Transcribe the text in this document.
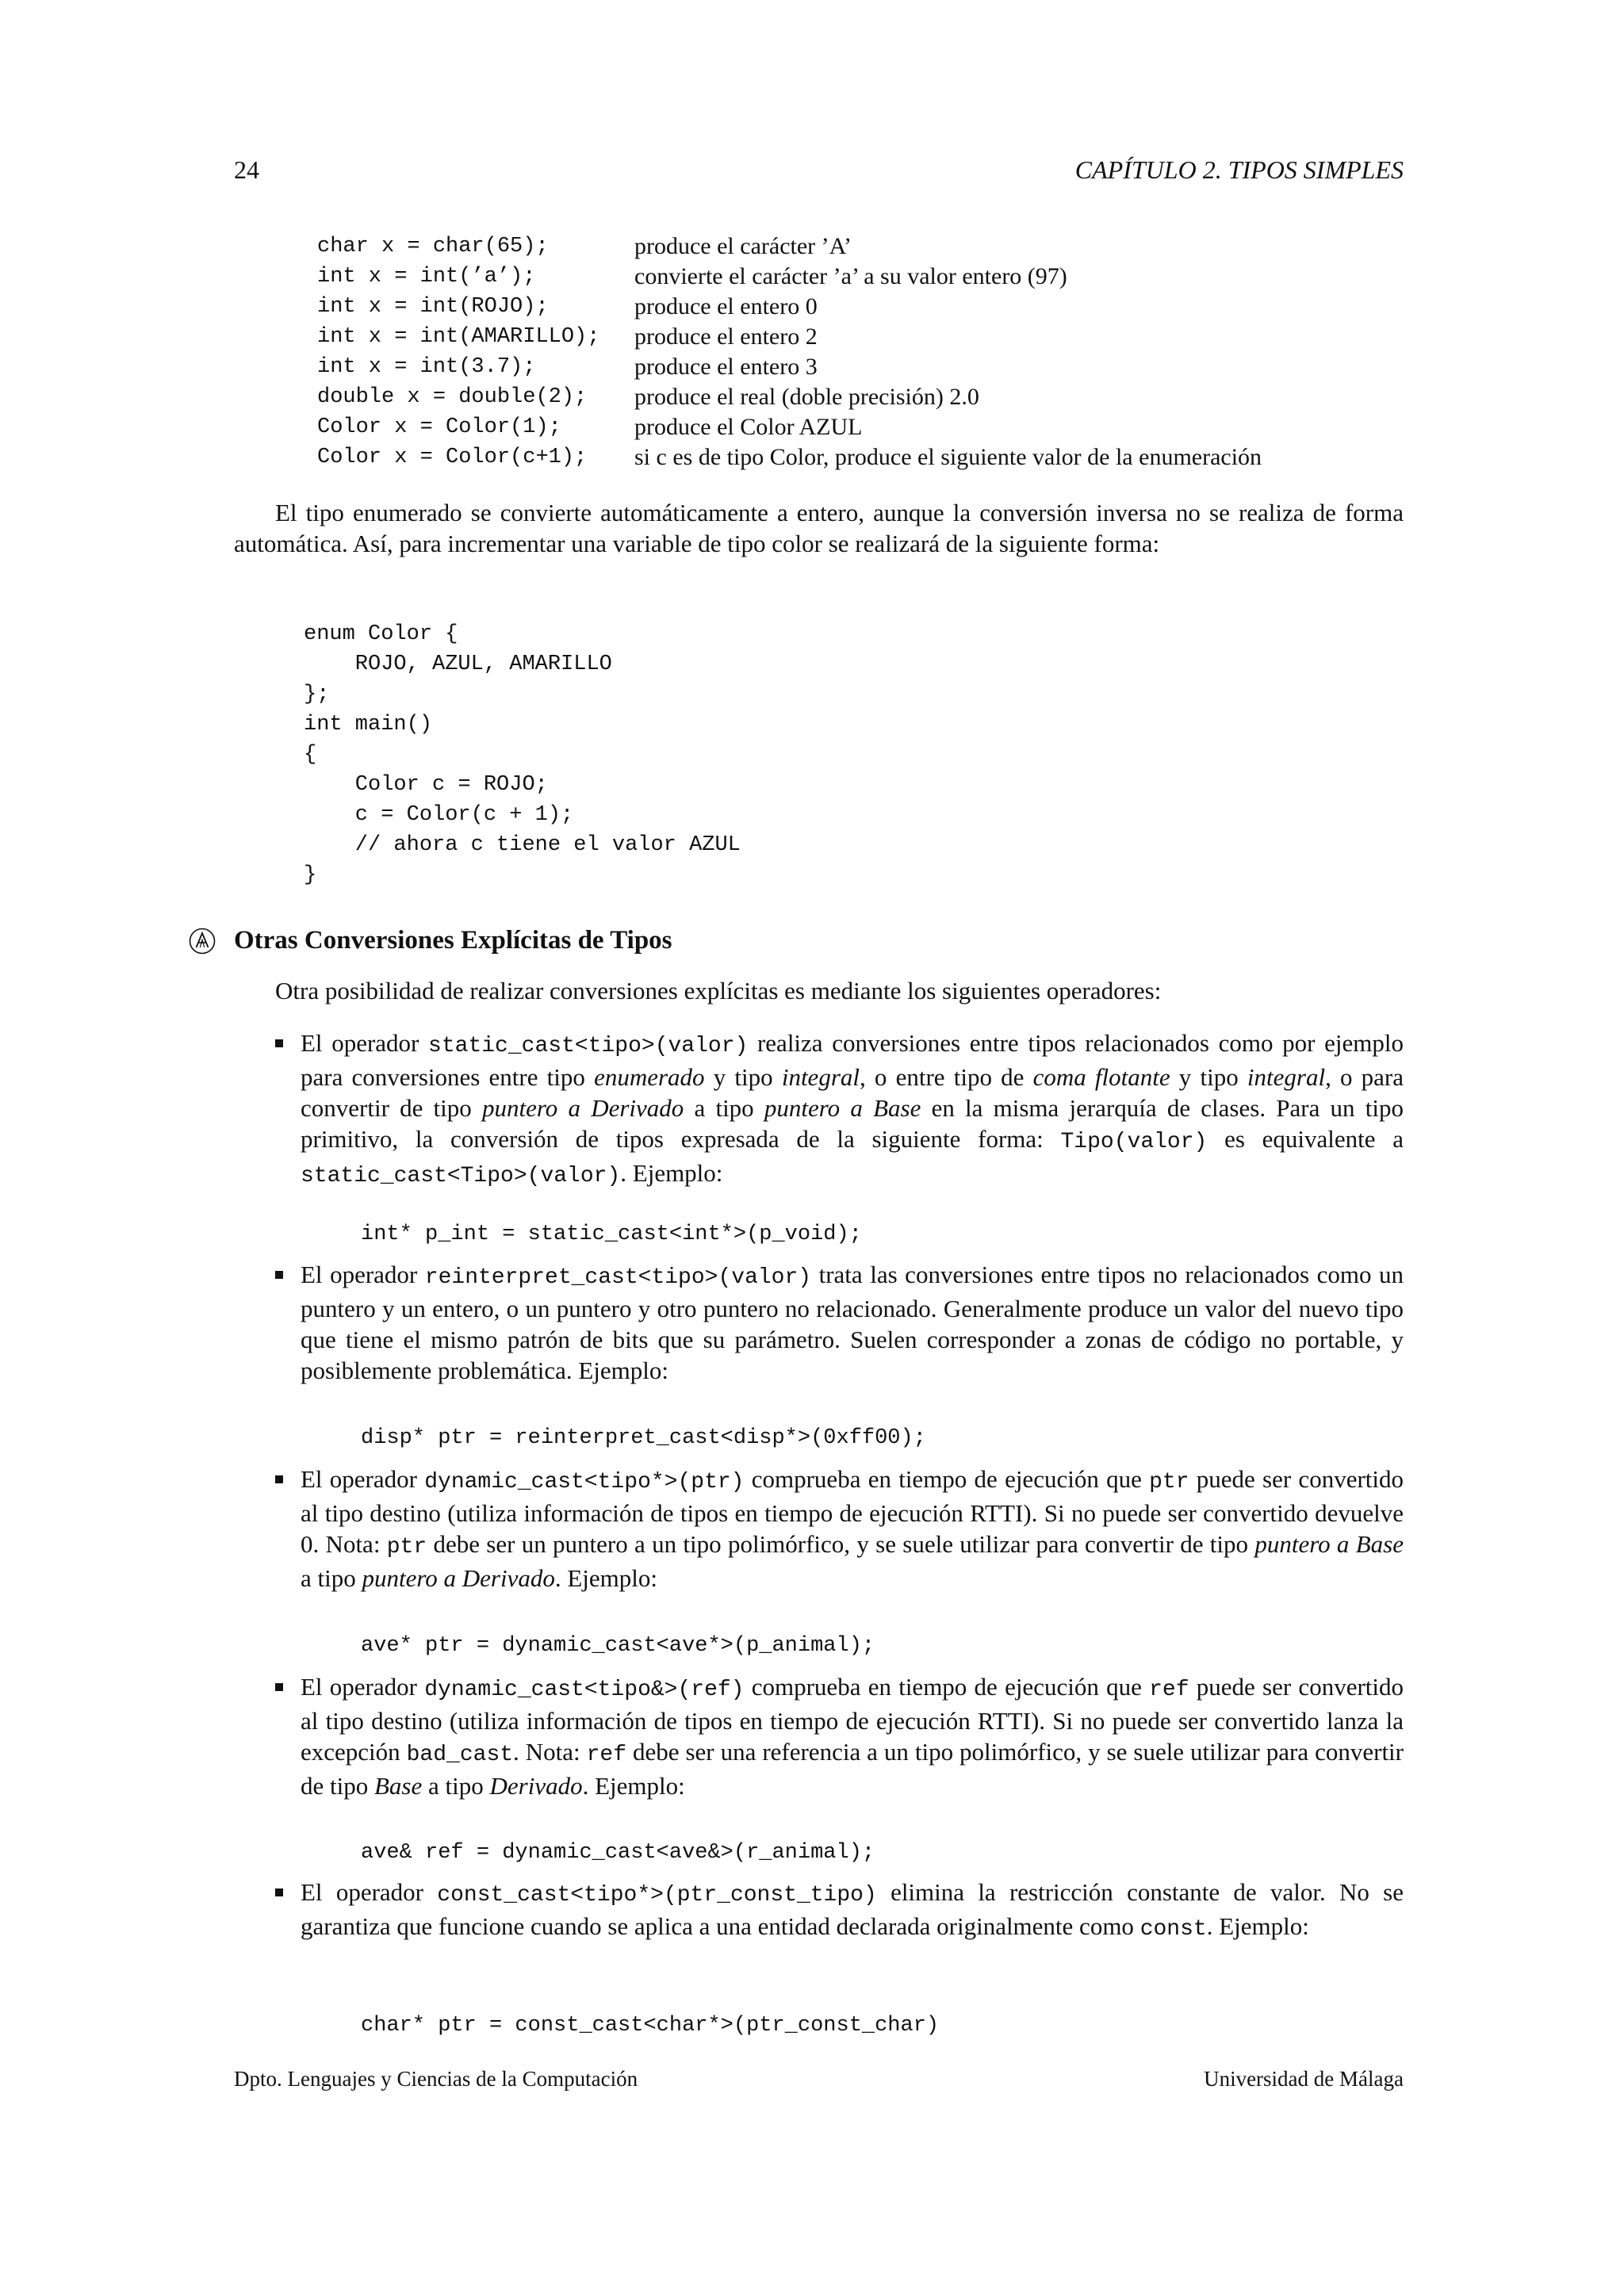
24	CAPÍTULO 2. TIPOS SIMPLES
char x = char(65);	produce el carácter ’A’
int x = int(’a’);	convierte el carácter ’a’ a su valor entero (97)
int x = int(ROJO);	produce el entero 0
int x = int(AMARILLO);	produce el entero 2
int x = int(3.7);	produce el entero 3
double x = double(2);	produce el real (doble precisión) 2.0
Color x = Color(1);	produce el Color AZUL
Color x = Color(c+1);	si c es de tipo Color, produce el siguiente valor de la enumeración
El tipo enumerado se convierte automáticamente a entero, aunque la conversión inversa no se realiza de forma automática. Así, para incrementar una variable de tipo color se realizará de la siguiente forma:
enum Color {
ROJO, AZUL, AMARILLO
};
int main()
{
Color c = ROJO;
c = Color(c + 1);
// ahora c tiene el valor AZUL
}
Otras Conversiones Explícitas de Tipos
Otra posibilidad de realizar conversiones explícitas es mediante los siguientes operadores:
El operador static_cast<tipo>(valor) realiza conversiones entre tipos relacionados como por ejemplo para conversiones entre tipo enumerado y tipo integral, o entre tipo de coma flotante y tipo integral, o para convertir de tipo puntero a Derivado a tipo puntero a Base en la misma jerarquía de clases. Para un tipo primitivo, la conversión de tipos expresada de la siguiente forma: Tipo(valor) es equivalente a static_cast<Tipo>(valor). Ejemplo:
int* p_int = static_cast<int*>(p_void);
El operador reinterpret_cast<tipo>(valor) trata las conversiones entre tipos no relacionados como un puntero y un entero, o un puntero y otro puntero no relacionado. Generalmente produce un valor del nuevo tipo que tiene el mismo patrón de bits que su parámetro. Suelen corresponder a zonas de código no portable, y posiblemente problemática. Ejemplo:
disp* ptr = reinterpret_cast<disp*>(0xff00);
El operador dynamic_cast<tipo*>(ptr) comprueba en tiempo de ejecución que ptr puede ser convertido al tipo destino (utiliza información de tipos en tiempo de ejecución RTTI). Si no puede ser convertido devuelve 0. Nota: ptr debe ser un puntero a un tipo polimórfico, y se suele utilizar para convertir de tipo puntero a Base a tipo puntero a Derivado. Ejemplo:
ave* ptr = dynamic_cast<ave*>(p_animal);
El operador dynamic_cast<tipo&>(ref) comprueba en tiempo de ejecución que ref puede ser convertido al tipo destino (utiliza información de tipos en tiempo de ejecución RTTI). Si no puede ser convertido lanza la excepción bad_cast. Nota: ref debe ser una referencia a un tipo polimórfico, y se suele utilizar para convertir de tipo Base a tipo Derivado. Ejemplo:
ave& ref = dynamic_cast<ave&>(r_animal);
El operador const_cast<tipo*>(ptr_const_tipo) elimina la restricción constante de valor. No se garantiza que funcione cuando se aplica a una entidad declarada originalmente como const. Ejemplo:
char* ptr = const_cast<char*>(ptr_const_char)
Dpto. Lenguajes y Ciencias de la Computación	Universidad de Málaga
